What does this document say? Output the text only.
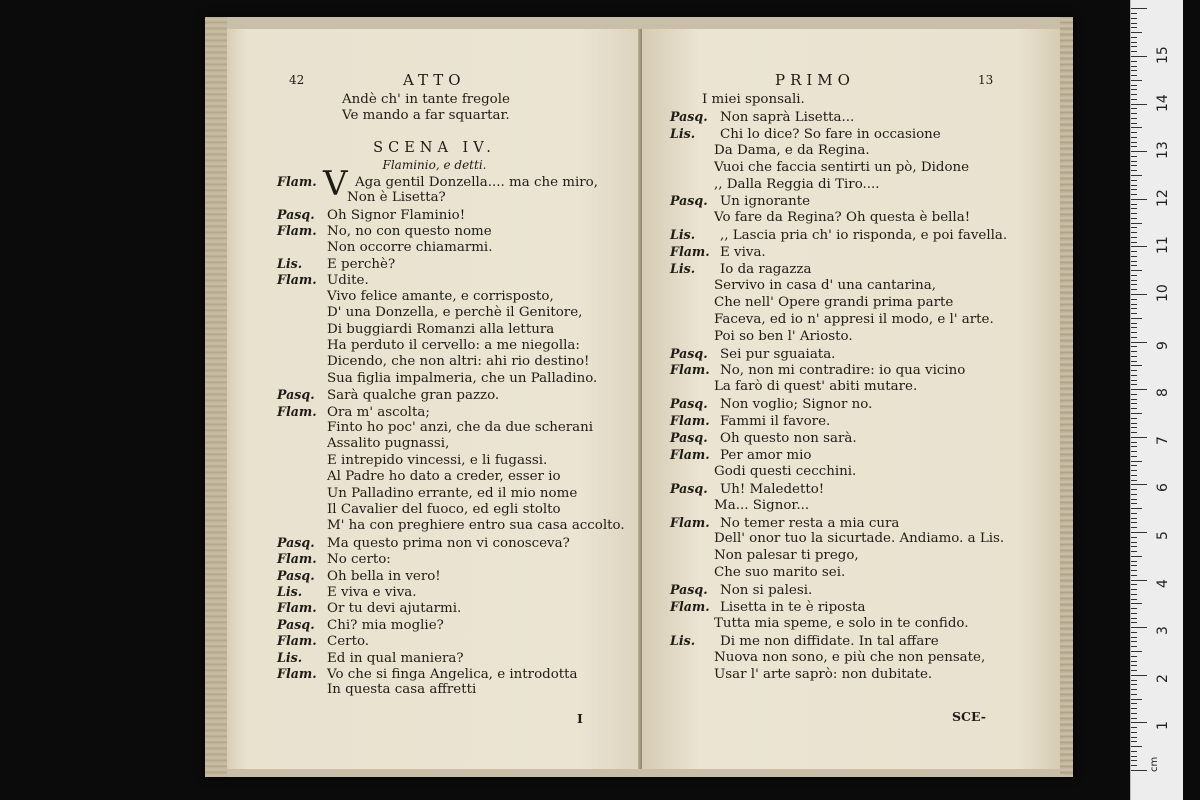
42	ATTO
V
Andè ch' in tante fregole
Ve mando a far squartar.
SCENA IV.
Flaminio, e detti.
Flam.	Aga gentil Donzella.... ma che miro,
Non è Lisetta?
Pasq. Oh Signor Flaminio!
Flam. No, no con questo nome
Non occorre chiamarmi.
Lis. E perchè?
Flam. Udite.
Vivo felice amante, e corrisposto,
D' una Donzella, e perchè il Genitore,
Di buggiardi Romanzi alla lettura
Ha perduto il cervello: a me niegolla:
Dicendo, che non altri: ahi rio destino!
Sua figlia impalmeria, che un Palladino.
Pasq. Sarà qualche gran pazzo.
Flam. Ora m' ascolta;
Finto ho poc' anzi, che da due scherani
Assalito pugnassi,
E intrepido vincessi, e li fugassi.
Al Padre ho dato a creder, esser io
Un Palladino errante, ed il mio nome
Il Cavalier del fuoco, ed egli stolto
M' ha con preghiere entro sua casa accolto.
Pasq. Ma questo prima non vi conosceva?
Flam. No certo:
Pasq. Oh bella in vero!
Lis. E viva e viva.
Flam. Or tu devi ajutarmi.
Pasq. Chi? mia moglie?
Flam. Certo.
Lis. Ed in qual maniera?
Flam. Vo che si finga Angelica, e introdotta
In questa casa affretti
I
PRIMO	13
I miei sponsali.
Pasq. Non saprà Lisetta...
Lis. Chi lo dice? So fare in occasione
Da Dama, e da Regina.
Vuoi che faccia sentirti un pò, Didone
,, Dalla Reggia di Tiro....
Pasq. Un ignorante
Vo fare da Regina? Oh questa è bella!
Lis. ,, Lascia pria ch' io risponda, e poi favella.
Flam. E viva.
Lis. Io da ragazza
Servivo in casa d' una cantarina,
Che nell' Opere grandi prima parte
Faceva, ed io n' appresi il modo, e l' arte.
Poi so ben l' Ariosto.
Pasq. Sei pur sguaiata.
Flam. No, non mi contradire: io qua vicino
La farò di quest' abiti mutare.
Pasq. Non voglio; Signor no.
Flam. Fammi il favore.
Pasq. Oh questo non sarà.
Flam. Per amor mio
Godi questi cecchini.
Pasq. Uh! Maledetto!
Ma... Signor...
Flam. No temer resta a mia cura
Dell' onor tuo la sicurtade. Andiamo. a Lis.
Non palesar ti prego,
Che suo marito sei.
Pasq. Non si palesi.
Flam. Lisetta in te è riposta
Tutta mia speme, e solo in te confido.
Lis. Di me non diffidate. In tal affare
Nuova non sono, e più che non pensate,
Usar l' arte saprò: non dubitate.
SCE-
cm
1
2
3
4
5
6
7
8
9
10
11
12
13
14
15
